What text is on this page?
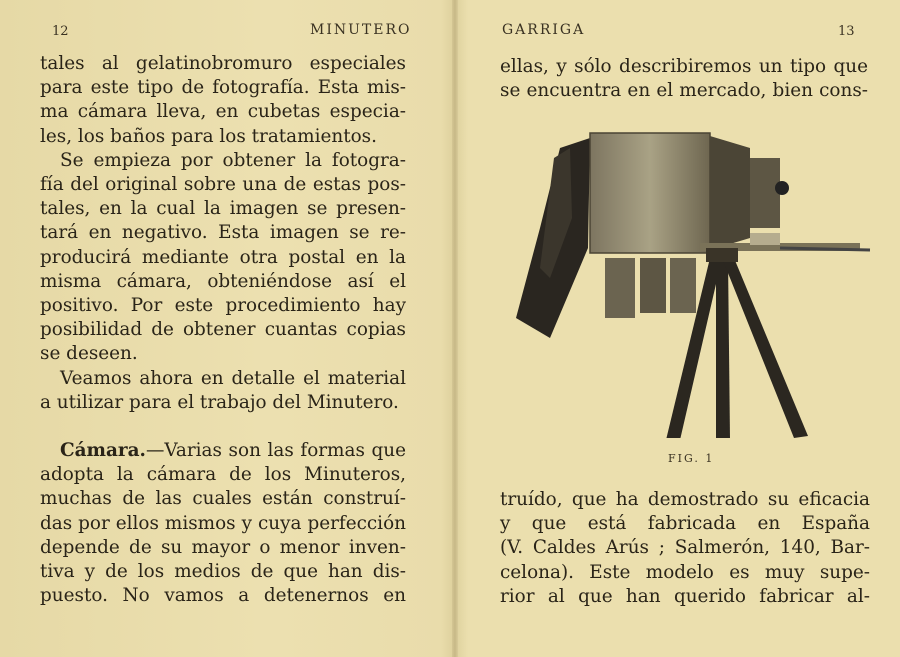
12	MINUTERO
tales al gelatinobromuro especiales
para este tipo de fotografía. Esta mis-
ma cámara lleva, en cubetas especia-
les, los baños para los tratamientos.
Se empieza por obtener la fotogra-
fía del original sobre una de estas pos-
tales, en la cual la imagen se presen-
tará en negativo. Esta imagen se re-
producirá mediante otra postal en la
misma cámara, obteniéndose así el
positivo. Por este procedimiento hay
posibilidad de obtener cuantas copias
se deseen.
Veamos ahora en detalle el material
a utilizar para el trabajo del Minutero.
Cámara.—Varias son las formas que
adopta la cámara de los Minuteros,
muchas de las cuales están construí-
das por ellos mismos y cuya perfección
depende de su mayor o menor inven-
tiva y de los medios de que han dis-
puesto. No vamos a detenernos en
GARRIGA	13
ellas, y sólo describiremos un tipo que
se encuentra en el mercado, bien cons-
FIG. 1
truído, que ha demostrado su eficacia
y que está fabricada en España
(V. Caldes Arús ; Salmerón, 140, Bar-
celona). Este modelo es muy supe-
rior al que han querido fabricar al-
